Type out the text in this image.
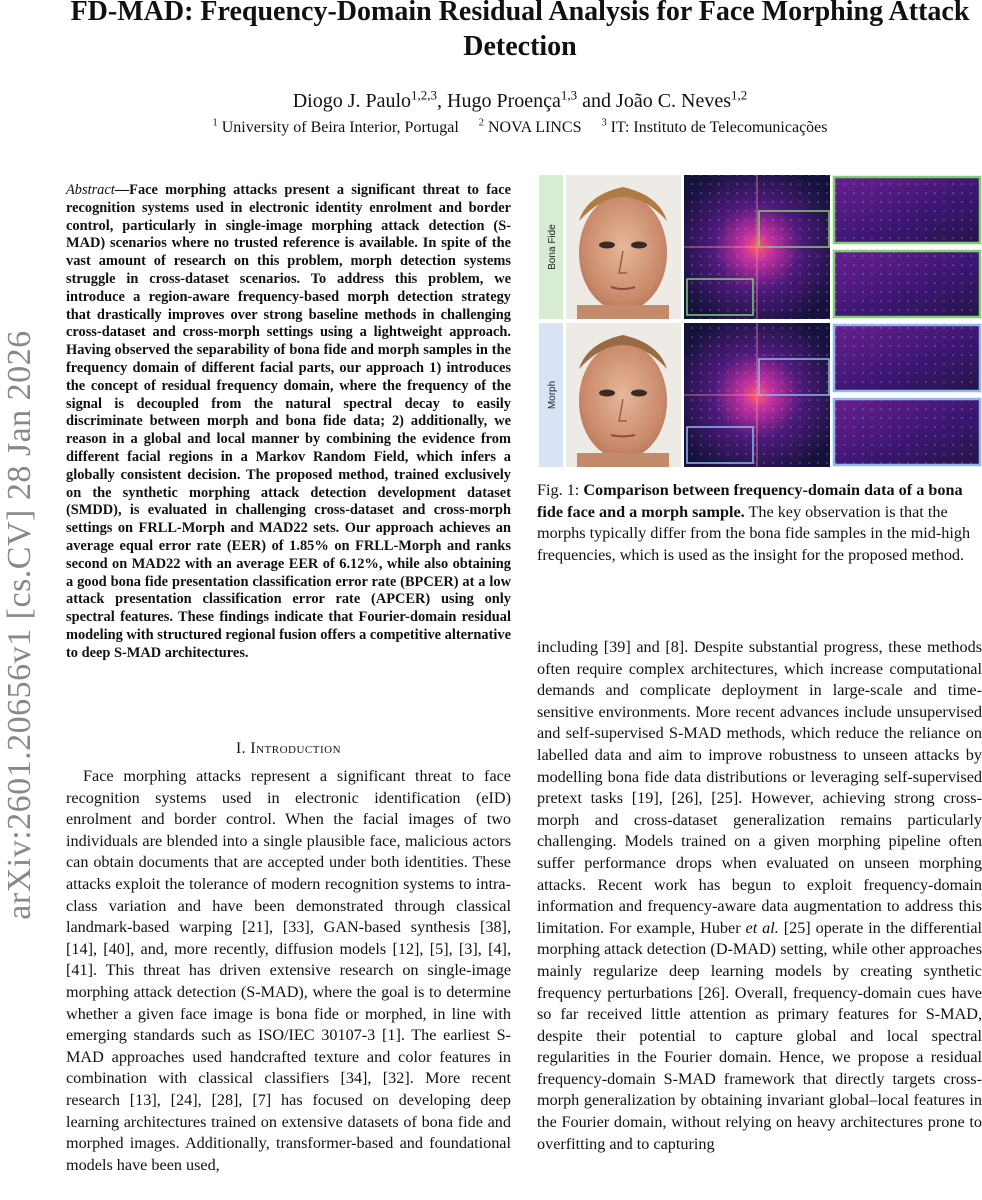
arXiv:2601.20656v1 [cs.CV] 28 Jan 2026
FD-MAD: Frequency-Domain Residual Analysis for Face Morphing Attack Detection
Diogo J. Paulo$^{1,2,3}$, Hugo Proença$^{1,3}$ and João C. Neves$^{1,2}$
$^1$ University of Beira Interior, Portugal $^2$ NOVA LINCS $^3$ IT: Instituto de Telecomunicações
Abstract—Face morphing attacks present a significant threat to face recognition systems used in electronic identity enrolment and border control, particularly in single-image morphing attack detection (S-MAD) scenarios where no trusted reference is available. In spite of the vast amount of research on this problem, morph detection systems struggle in cross-dataset scenarios. To address this problem, we introduce a region-aware frequency-based morph detection strategy that drastically improves over strong baseline methods in challenging cross-dataset and cross-morph settings using a lightweight approach. Having observed the separability of bona fide and morph samples in the frequency domain of different facial parts, our approach 1) introduces the concept of residual frequency domain, where the frequency of the signal is decoupled from the natural spectral decay to easily discriminate between morph and bona fide data; 2) additionally, we reason in a global and local manner by combining the evidence from different facial regions in a Markov Random Field, which infers a globally consistent decision. The proposed method, trained exclusively on the synthetic morphing attack detection development dataset (SMDD), is evaluated in challenging cross-dataset and cross-morph settings on FRLL-Morph and MAD22 sets. Our approach achieves an average equal error rate (EER) of 1.85% on FRLL-Morph and ranks second on MAD22 with an average EER of 6.12%, while also obtaining a good bona fide presentation classification error rate (BPCER) at a low attack presentation classification error rate (APCER) using only spectral features. These findings indicate that Fourier-domain residual modeling with structured regional fusion offers a competitive alternative to deep S-MAD architectures.
I. Introduction
Face morphing attacks represent a significant threat to face recognition systems used in electronic identification (eID) enrolment and border control. When the facial images of two individuals are blended into a single plausible face, malicious actors can obtain documents that are accepted under both identities. These attacks exploit the tolerance of modern recognition systems to intra-class variation and have been demonstrated through classical landmark-based warping [21], [33], GAN-based synthesis [38], [14], [40], and, more recently, diffusion models [12], [5], [3], [4], [41]. This threat has driven extensive research on single-image morphing attack detection (S-MAD), where the goal is to determine whether a given face image is bona fide or morphed, in line with emerging standards such as ISO/IEC 30107-3 [1]. The earliest S-MAD approaches used handcrafted texture and color features in combination with classical classifiers [34], [32]. More recent research [13], [24], [28], [7] has focused on developing deep learning architectures trained on extensive datasets of bona fide and morphed images. Additionally, transformer-based and foundational models have been used,
including [39] and [8]. Despite substantial progress, these methods often require complex architectures, which increase computational demands and complicate deployment in large-scale and time-sensitive environments. More recent advances include unsupervised and self-supervised S-MAD methods, which reduce the reliance on labelled data and aim to improve robustness to unseen attacks by modelling bona fide data distributions or leveraging self-supervised pretext tasks [19], [26], [25]. However, achieving strong cross-morph and cross-dataset generalization remains particularly challenging. Models trained on a given morphing pipeline often suffer performance drops when evaluated on unseen morphing attacks. Recent work has begun to exploit frequency-domain information and frequency-aware data augmentation to address this limitation. For example, Huber et al. [25] operate in the differential morphing attack detection (D-MAD) setting, while other approaches mainly regularize deep learning models by creating synthetic frequency perturbations [26]. Overall, frequency-domain cues have so far received little attention as primary features for S-MAD, despite their potential to capture global and local spectral regularities in the Fourier domain. Hence, we propose a residual frequency-domain S-MAD framework that directly targets cross-morph generalization by obtaining invariant global–local features in the Fourier domain, without relying on heavy architectures prone to overfitting and to capturing
Bona Fide
Morph
Fig. 1: Comparison between frequency-domain data of a bona fide face and a morph sample. The key observation is that the morphs typically differ from the bona fide samples in the mid-high frequencies, which is used as the insight for the proposed method.
